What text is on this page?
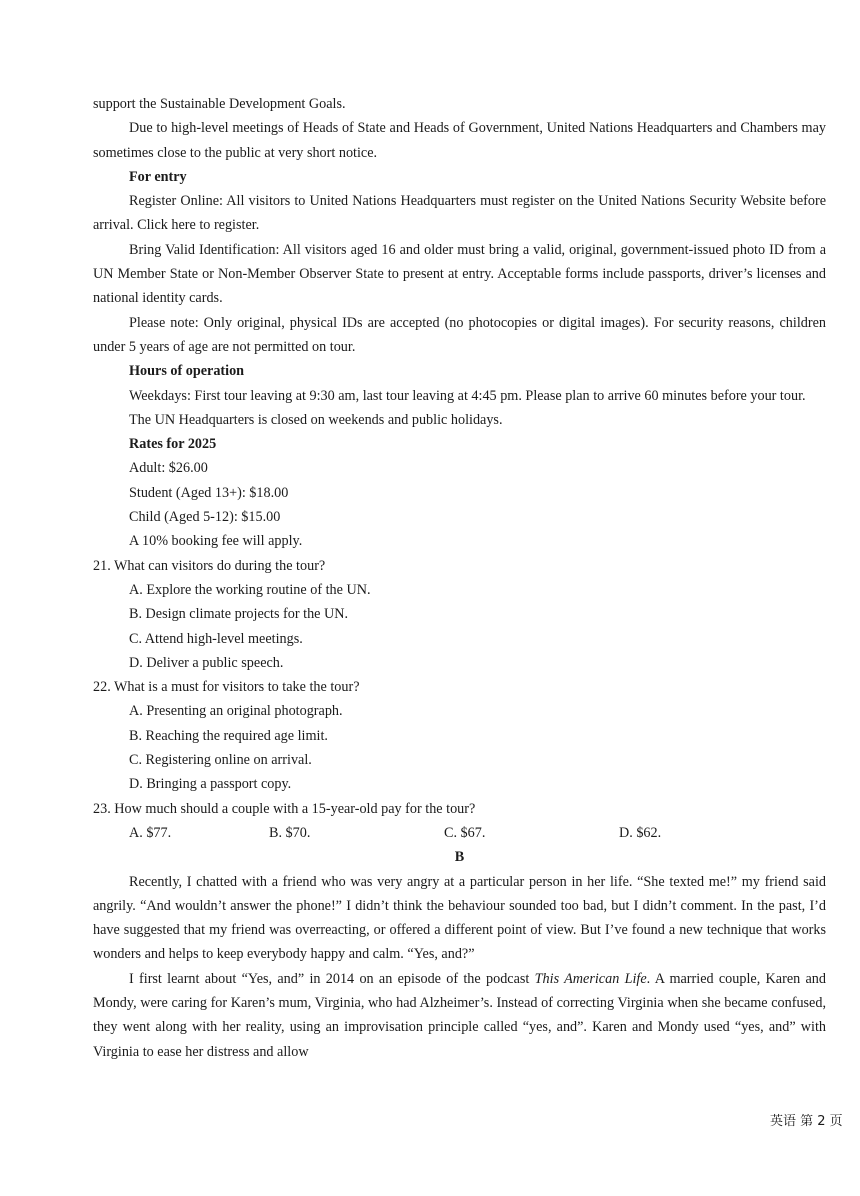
support the Sustainable Development Goals.

Due to high-level meetings of Heads of State and Heads of Government, United Nations Headquarters and Chambers may sometimes close to the public at very short notice.

For entry

Register Online: All visitors to United Nations Headquarters must register on the United Nations Security Website before arrival. Click here to register.

Bring Valid Identification: All visitors aged 16 and older must bring a valid, original, government-issued photo ID from a UN Member State or Non-Member Observer State to present at entry. Acceptable forms include passports, driver’s licenses and national identity cards.

Please note: Only original, physical IDs are accepted (no photocopies or digital images). For security reasons, children under 5 years of age are not permitted on tour.

Hours of operation

Weekdays: First tour leaving at 9:30 am, last tour leaving at 4:45 pm. Please plan to arrive 60 minutes before your tour.

The UN Headquarters is closed on weekends and public holidays.

Rates for 2025

Adult: $26.00

Student (Aged 13+): $18.00

Child (Aged 5-12): $15.00

A 10% booking fee will apply.

21. What can visitors do during the tour?

A. Explore the working routine of the UN.

B. Design climate projects for the UN.

C. Attend high-level meetings.

D. Deliver a public speech.

22. What is a must for visitors to take the tour?

A. Presenting an original photograph.

B. Reaching the required age limit.

C. Registering online on arrival.

D. Bringing a passport copy.

23. How much should a couple with a 15-year-old pay for the tour?

A. $77.	B. $70.	C. $67.	D. $62.

B

Recently, I chatted with a friend who was very angry at a particular person in her life. “She texted me!” my friend said angrily. “And wouldn’t answer the phone!” I didn’t think the behaviour sounded too bad, but I didn’t comment. In the past, I’d have suggested that my friend was overreacting, or offered a different point of view. But I’ve found a new technique that works wonders and helps to keep everybody happy and calm. “Yes, and?”

I first learnt about “Yes, and” in 2014 on an episode of the podcast This American Life. A married couple, Karen and Mondy, were caring for Karen’s mum, Virginia, who had Alzheimer’s. Instead of correcting Virginia when she became confused, they went along with her reality, using an improvisation principle called “yes, and”. Karen and Mondy used “yes, and” with Virginia to ease her distress and allow

英语 第 2 页
